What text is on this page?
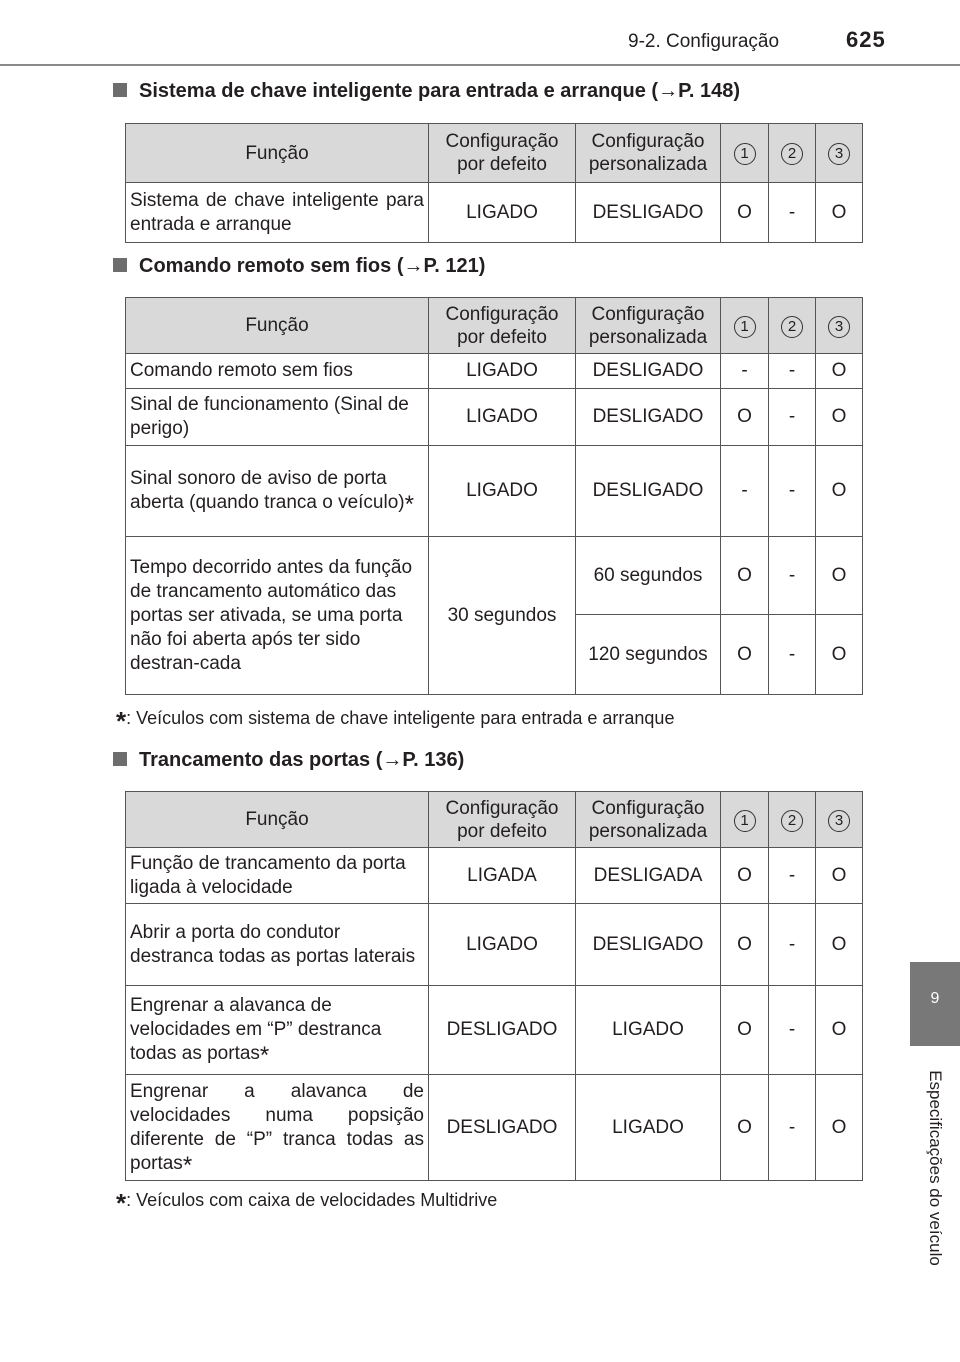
9-2. Configuração	625
9
Especificações do veículo
Sistema de chave inteligente para entrada e arranque (→P. 148)
Função	Configuração por defeito	Configuração personalizada	1	2	3
Sistema de chave inteligente para entrada e arranque	LIGADO	DESLIGADO	O	-	O
Comando remoto sem fios (→P. 121)
Função	Configuração por defeito	Configuração personalizada	1	2	3
Comando remoto sem fios	LIGADO	DESLIGADO	-	-	O
Sinal de funcionamento (Sinal de perigo)	LIGADO	DESLIGADO	O	-	O
Sinal sonoro de aviso de porta aberta (quando tranca o veículo)*	LIGADO	DESLIGADO	-	-	O
Tempo decorrido antes da função de trancamento automático das portas ser ativada, se uma porta não foi aberta após ter sido destran-cada	30 segundos	60 segundos	O	-	O
		120 segundos	O	-	O
*: Veículos com sistema de chave inteligente para entrada e arranque
Trancamento das portas (→P. 136)
Função	Configuração por defeito	Configuração personalizada	1	2	3
Função de trancamento da porta ligada à velocidade	LIGADA	DESLIGADA	O	-	O
Abrir a porta do condutor destranca todas as portas laterais	LIGADO	DESLIGADO	O	-	O
Engrenar a alavanca de velocidades em “P” destranca todas as portas*	DESLIGADO	LIGADO	O	-	O
Engrenar a alavanca de velocidades numa popsição diferente de “P” tranca todas as portas*	DESLIGADO	LIGADO	O	-	O
*: Veículos com caixa de velocidades Multidrive
